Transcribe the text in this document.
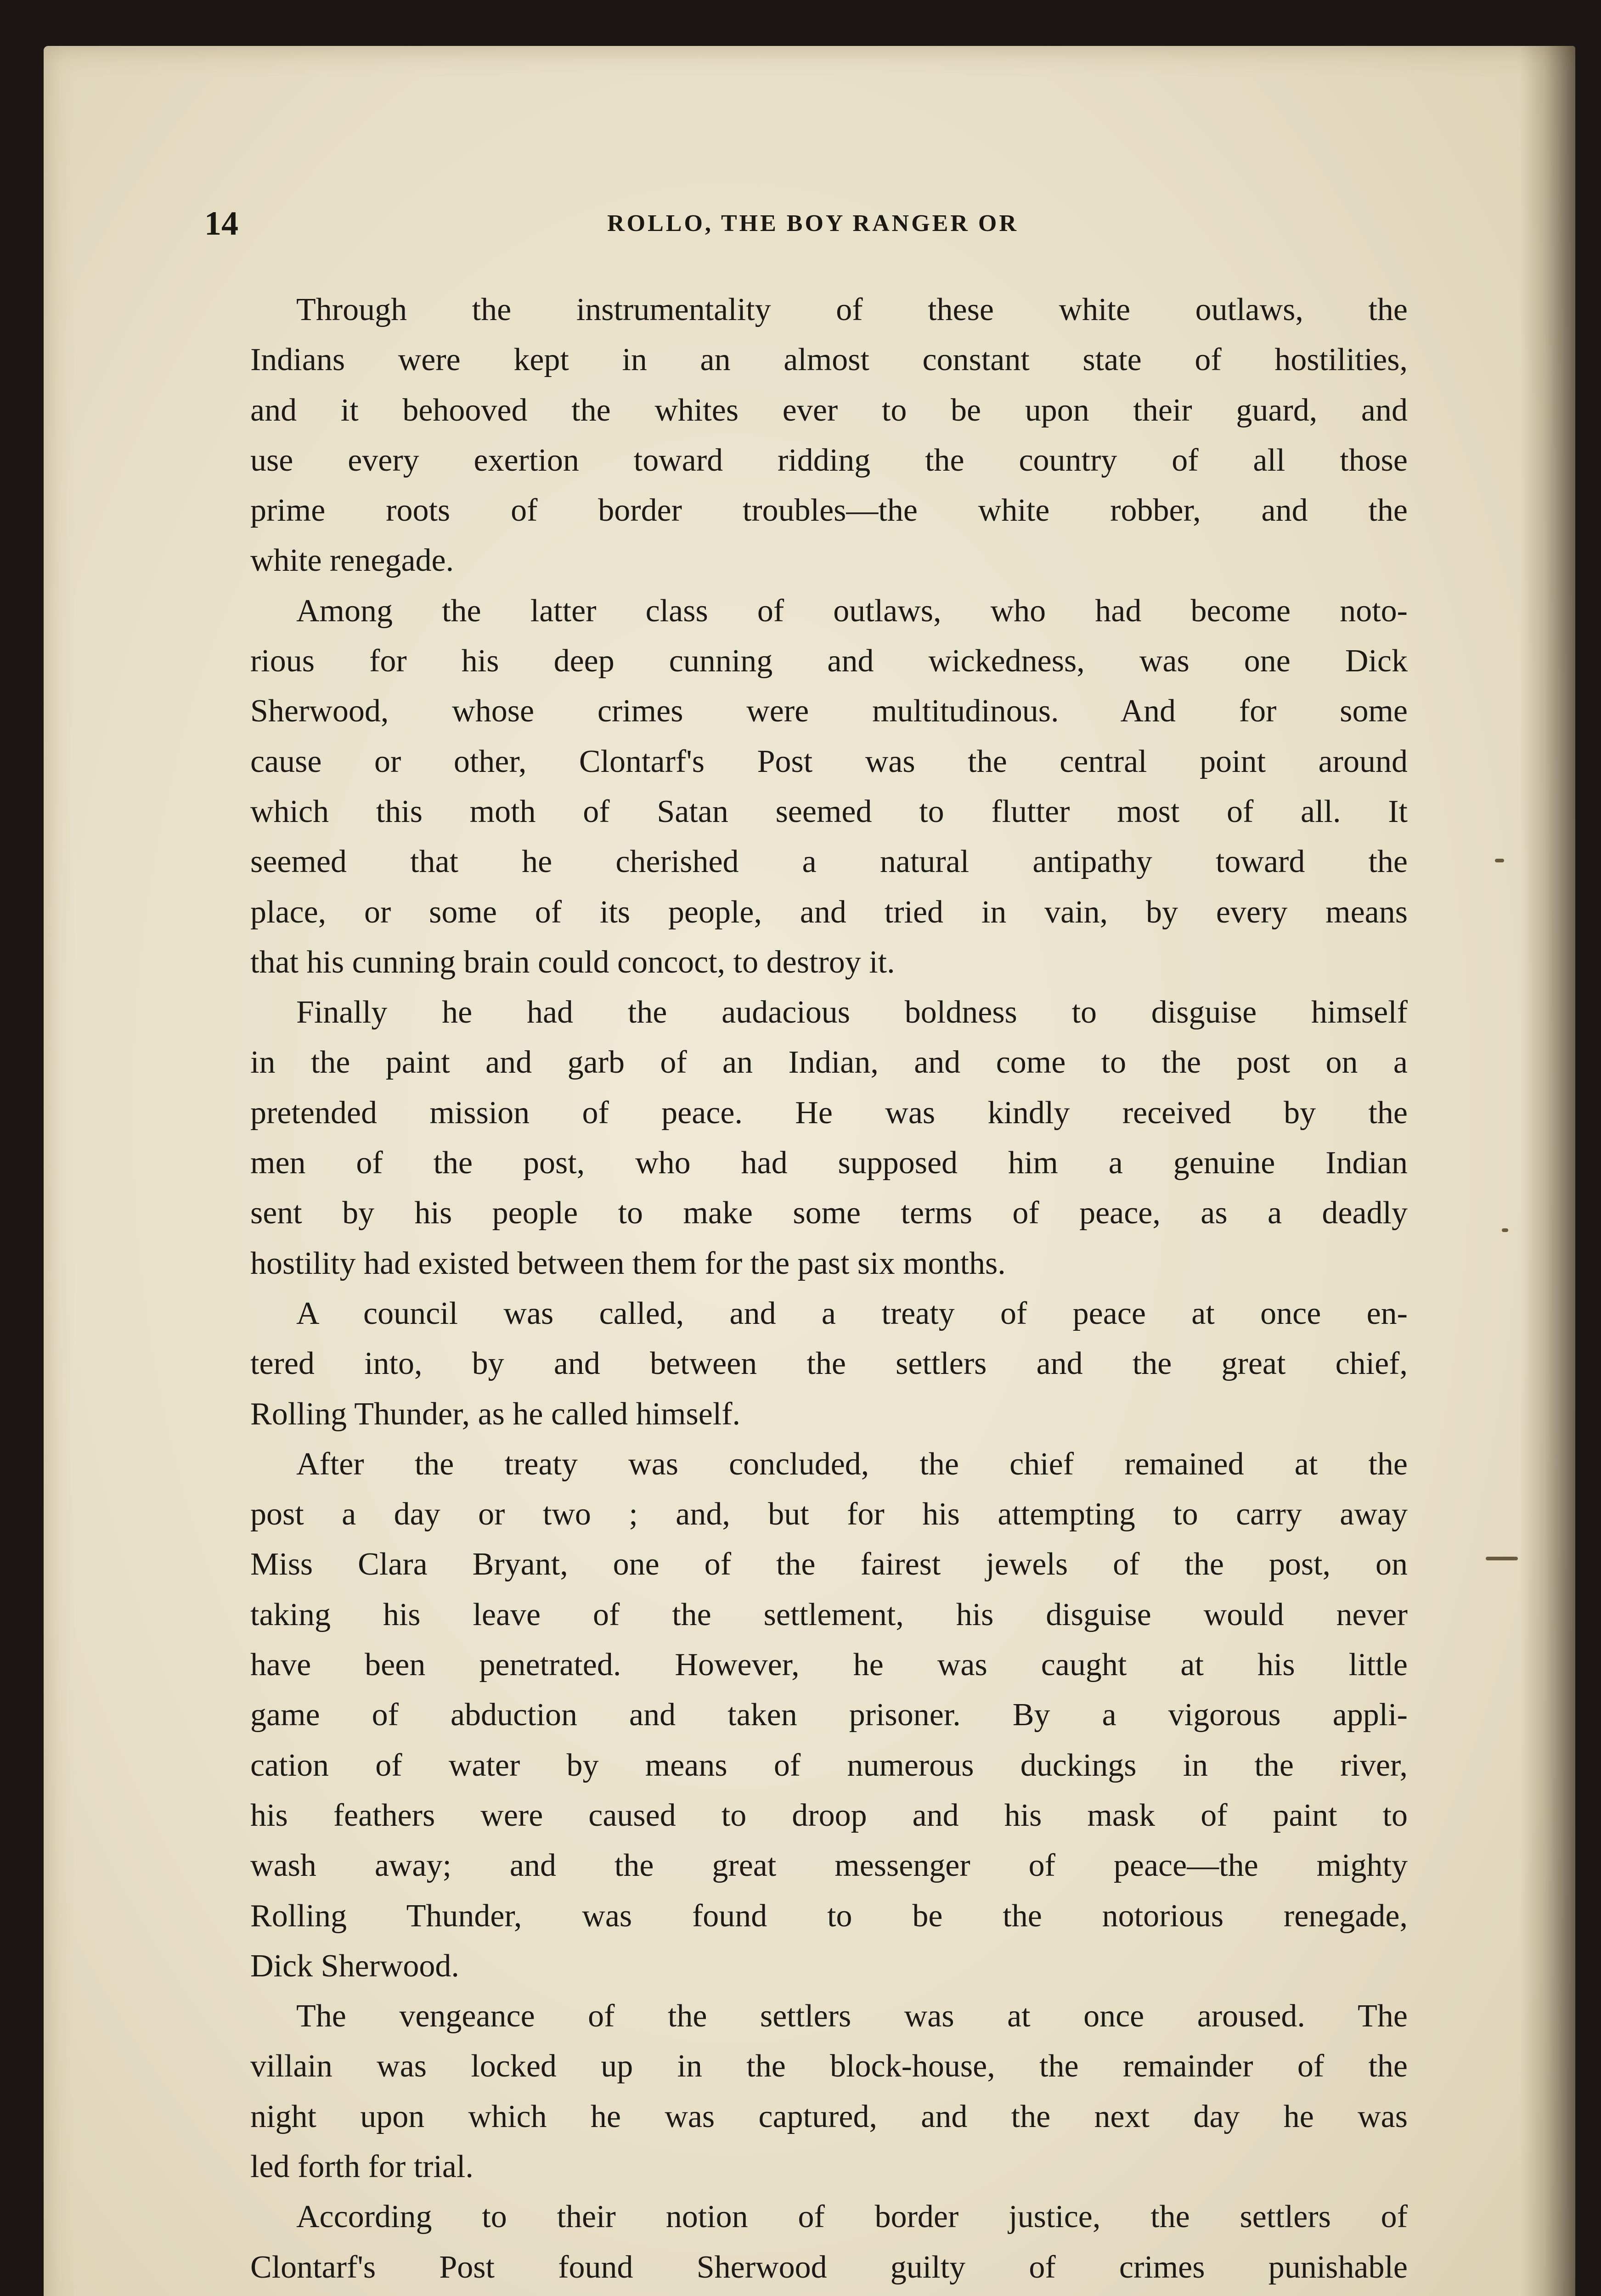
14	ROLLO, THE BOY RANGER OR

Through the instrumentality of these white outlaws, the
Indians were kept in an almost constant state of hostilities,
and it behooved the whites ever to be upon their guard, and
use every exertion toward ridding the country of all those
prime roots of border troubles—the white robber, and the
white renegade.

Among the latter class of outlaws, who had become noto-
rious for his deep cunning and wickedness, was one Dick
Sherwood, whose crimes were multitudinous. And for some
cause or other, Clontarf's Post was the central point around
which this moth of Satan seemed to flutter most of all. It
seemed that he cherished a natural antipathy toward the
place, or some of its people, and tried in vain, by every means
that his cunning brain could concoct, to destroy it.

Finally he had the audacious boldness to disguise himself
in the paint and garb of an Indian, and come to the post on a
pretended mission of peace. He was kindly received by the
men of the post, who had supposed him a genuine Indian
sent by his people to make some terms of peace, as a deadly
hostility had existed between them for the past six months.

A council was called, and a treaty of peace at once en-
tered into, by and between the settlers and the great chief,
Rolling Thunder, as he called himself.

After the treaty was concluded, the chief remained at the
post a day or two ; and, but for his attempting to carry away
Miss Clara Bryant, one of the fairest jewels of the post, on
taking his leave of the settlement, his disguise would never
have been penetrated. However, he was caught at his little
game of abduction and taken prisoner. By a vigorous appli-
cation of water by means of numerous duckings in the river,
his feathers were caused to droop and his mask of paint to
wash away; and the great messenger of peace—the mighty
Rolling Thunder, was found to be the notorious renegade,
Dick Sherwood.

The vengeance of the settlers was at once aroused. The
villain was locked up in the block-house, the remainder of the
night upon which he was captured, and the next day he was
led forth for trial.

According to their notion of border justice, the settlers of
Clontarf's Post found Sherwood guilty of crimes punishable
